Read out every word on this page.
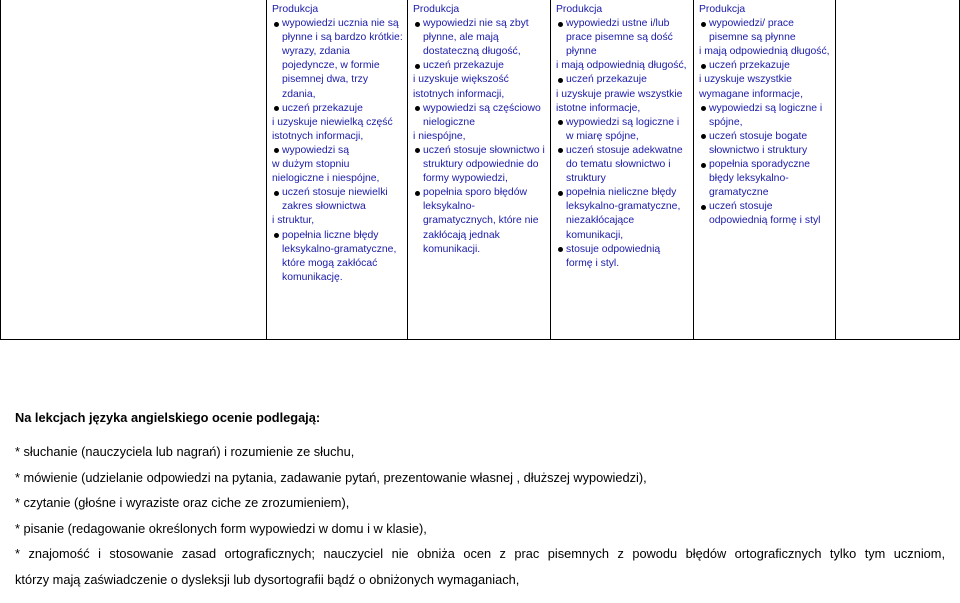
Produkcja
wypowiedzi ucznia nie są płynne i są bardzo krótkie: wyrazy, zdania pojedyncze, w formie pisemnej dwa, trzy zdania,
uczeń przekazuje
i uzyskuje niewielką część istotnych informacji,
wypowiedzi są
w dużym stopniu nielogiczne i niespójne,
uczeń stosuje niewielki zakres słownictwa
i struktur,
popełnia liczne błędy leksykalno-gramatyczne, które mogą zakłócać komunikację.

Produkcja
wypowiedzi nie są zbyt płynne, ale mają dostateczną długość,
uczeń przekazuje
i uzyskuje większość istotnych informacji,
wypowiedzi są częściowo nielogiczne
i niespójne,
uczeń stosuje słownictwo i struktury odpowiednie do formy wypowiedzi,
popełnia sporo błędów leksykalno-gramatycznych, które nie zakłócają jednak komunikacji.

Produkcja
wypowiedzi ustne i/lub prace pisemne są dość płynne
i mają odpowiednią długość,
uczeń przekazuje
i uzyskuje prawie wszystkie istotne informacje,
wypowiedzi są logiczne i w miarę spójne,
uczeń stosuje adekwatne do tematu słownictwo i struktury
popełnia nieliczne błędy leksykalno-gramatyczne, niezakłócające komunikacji,
stosuje odpowiednią formę i styl.

Produkcja
wypowiedzi/ prace pisemne są płynne
i mają odpowiednią długość,
uczeń przekazuje
i uzyskuje wszystkie wymagane informacje,
wypowiedzi są logiczne i spójne,
uczeń stosuje bogate słownictwo i struktury
popełnia sporadyczne błędy leksykalno-gramatyczne
uczeń stosuje odpowiednią formę i styl

Na lekcjach języka angielskiego ocenie podlegają:
* słuchanie (nauczyciela lub nagrań) i rozumienie ze słuchu,
* mówienie (udzielanie odpowiedzi na pytania, zadawanie pytań, prezentowanie własnej , dłuższej wypowiedzi),
* czytanie (głośne i wyraziste oraz ciche ze zrozumieniem),
* pisanie (redagowanie określonych form wypowiedzi w domu i w klasie),
* znajomość i stosowanie zasad ortograficznych; nauczyciel nie obniża ocen z prac pisemnych z powodu błędów ortograficznych tylko tym uczniom,
którzy mają zaświadczenie o dysleksji lub dysortografii bądź o obniżonych wymaganiach,
